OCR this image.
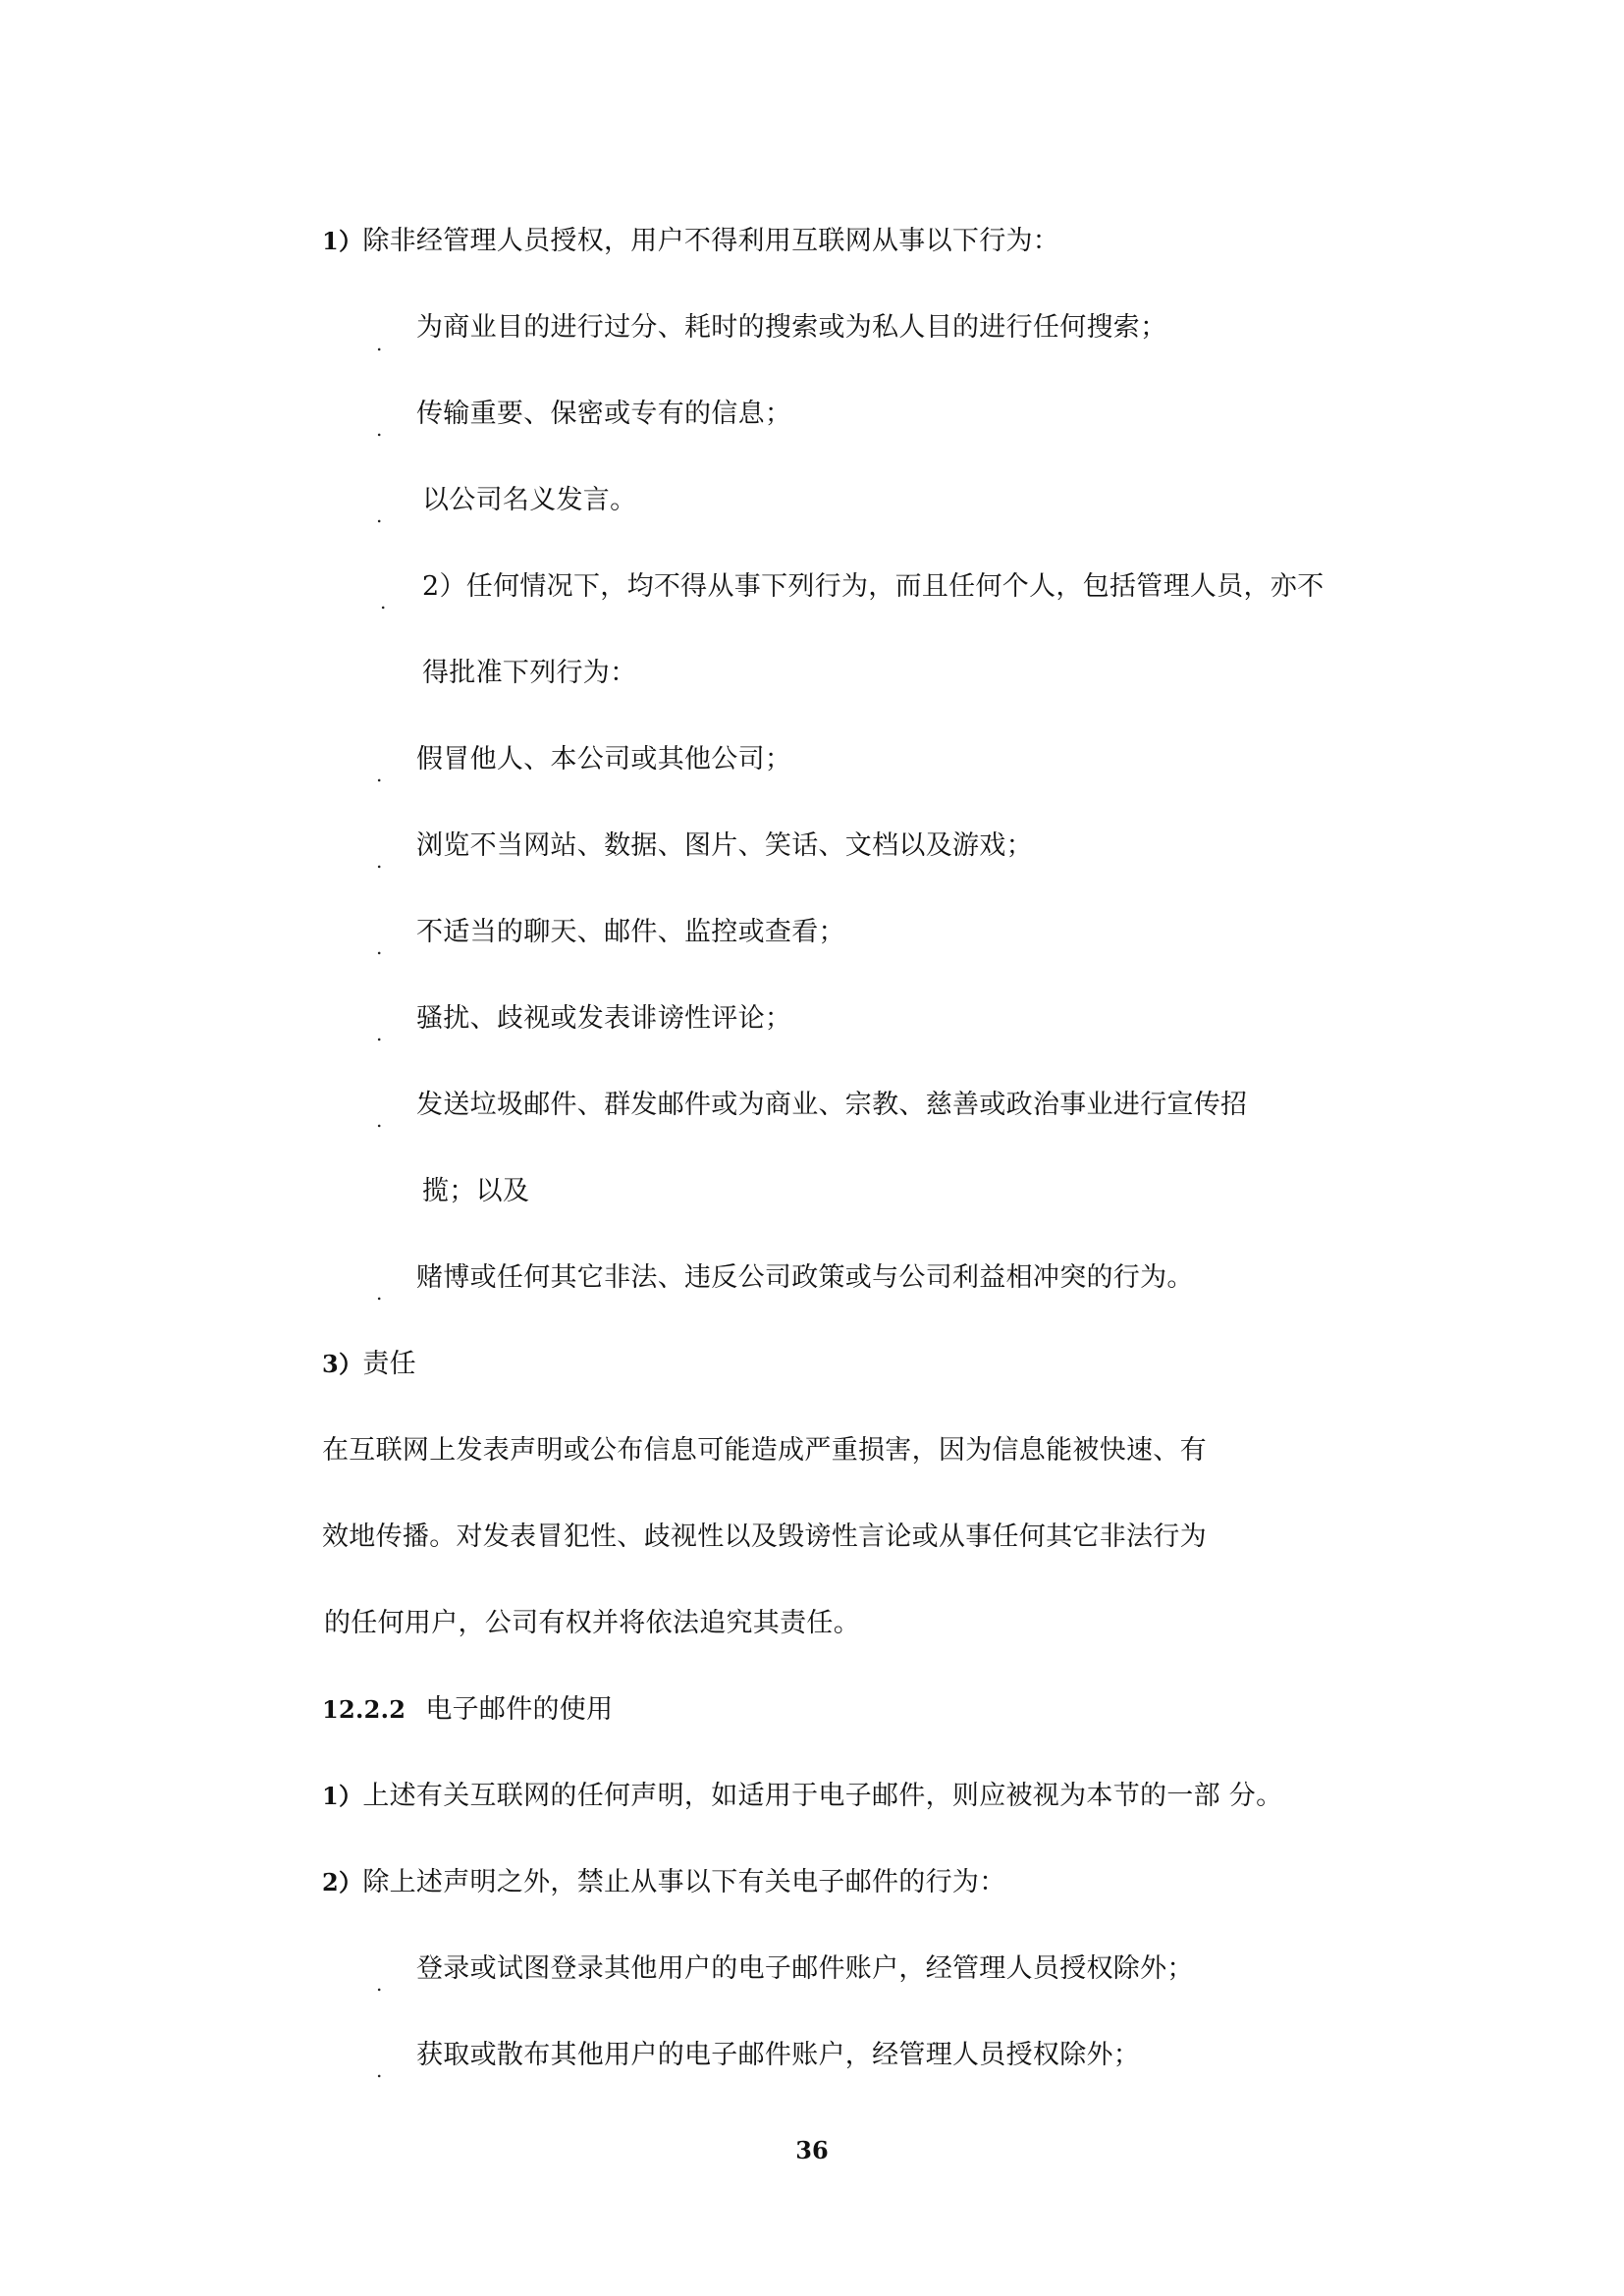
1）除非经管理人员授权，用户不得利用互联网从事以下行为：
.
为商业目的进行过分、耗时的搜索或为私人目的进行任何搜索；
. 传输重要、保密或专有的信息；
. 以公司名义发言。
. 2）任何情况下，均不得从事下列行为，而且任何个人，包括管理人员，亦不
得批准下列行为：
. 假冒他人、本公司或其他公司；
. 浏览不当网站、数据、图片、笑话、文档以及游戏；
. 不适当的聊天、邮件、监控或查看；
. 骚扰、歧视或发表诽谤性评论；
. 发送垃圾邮件、群发邮件或为商业、宗教、慈善或政治事业进行宣传招
揽；以及
. 赌博或任何其它非法、违反公司政策或与公司利益相冲突的行为。
3）责任
在互联网上发表声明或公布信息可能造成严重损害，因为信息能被快速、有
效地传播。对发表冒犯性、歧视性以及毁谤性言论或从事任何其它非法行为
的任何用户，公司有权并将依法追究其责任。
12.2.2 电子邮件的使用
1）上述有关互联网的任何声明，如适用于电子邮件，则应被视为本节的一部 分。
2）除上述声明之外，禁止从事以下有关电子邮件的行为：
. 登录或试图登录其他用户的电子邮件账户，经管理人员授权除外；
. 获取或散布其他用户的电子邮件账户，经管理人员授权除外；
36
